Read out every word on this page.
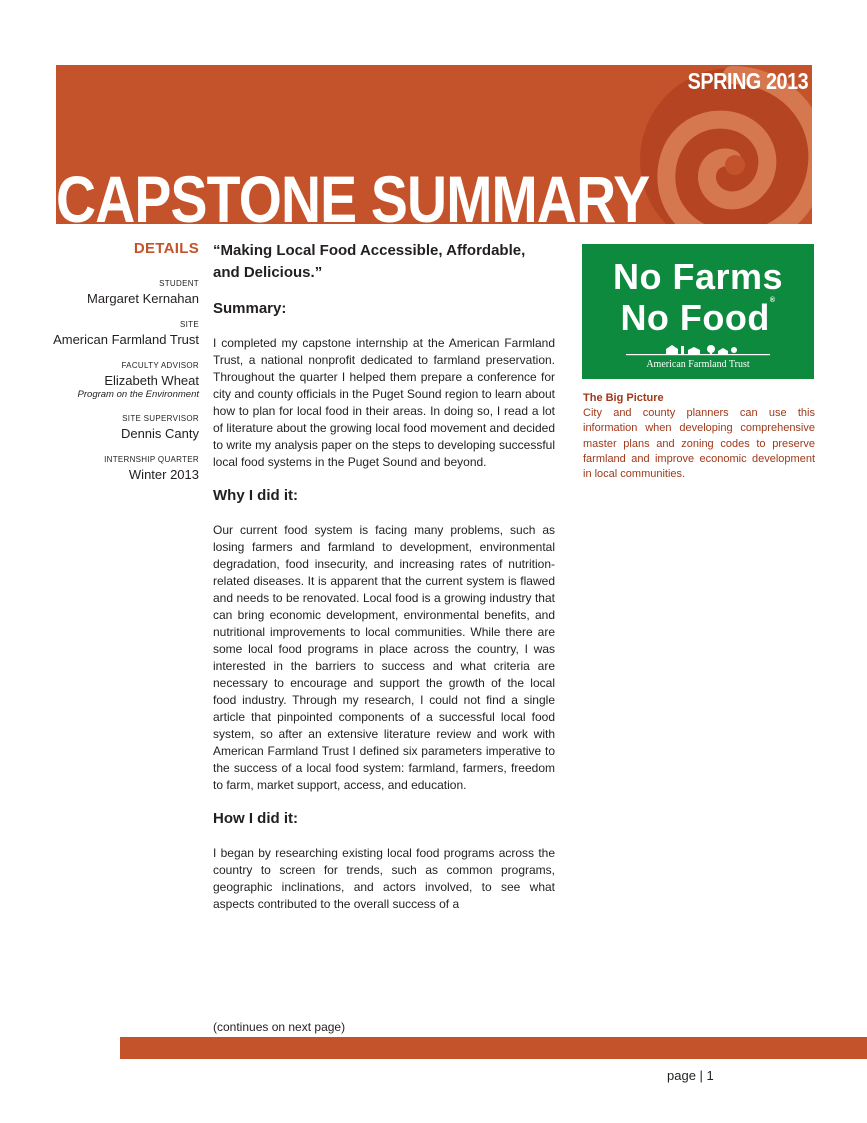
SPRING 2013
CAPSTONE SUMMARY
DETAILS
STUDENT
Margaret Kernahan
SITE
American Farmland Trust
FACULTY ADVISOR
Elizabeth Wheat
Program on the Environment
SITE SUPERVISOR
Dennis Canty
INTERNSHIP QUARTER
Winter 2013
“Making Local Food Accessible, Affordable, and Delicious.”
Summary:

I completed my capstone internship at the American Farmland Trust, a national nonprofit dedicated to farmland preservation. Throughout the quarter I helped them prepare a conference for city and county officials in the Puget Sound region to learn about how to plan for local food in their areas. In doing so, I read a lot of literature about the growing local food movement and decided to write my analysis paper on the steps to developing successful local food systems in the Puget Sound and beyond.

Why I did it:

Our current food system is facing many problems, such as losing farmers and farmland to development, environmental degradation, food insecurity, and increasing rates of nutrition-related diseases. It is apparent that the current system is flawed and needs to be renovated. Local food is a growing industry that can bring economic development, environmental benefits, and nutritional improvements to local communities. While there are some local food programs in place across the country, I was interested in the barriers to success and what criteria are necessary to encourage and support the growth of the local food industry. Through my research, I could not find a single article that pinpointed components of a successful local food system, so after an extensive literature review and work with American Farmland Trust I defined six parameters imperative to the success of a local food system: farmland, farmers, freedom to farm, market support, access, and education.

How I did it:

I began by researching existing local food programs across the country to screen for trends, such as common programs, geographic inclinations, and actors involved, to see what aspects contributed to the overall success of a

(continues on next page)
No Farms
No Food®
American Farmland Trust
The Big Picture
City and county planners can use this information when developing comprehensive master plans and zoning codes to preserve farmland and improve economic development in local communities.
page | 1
